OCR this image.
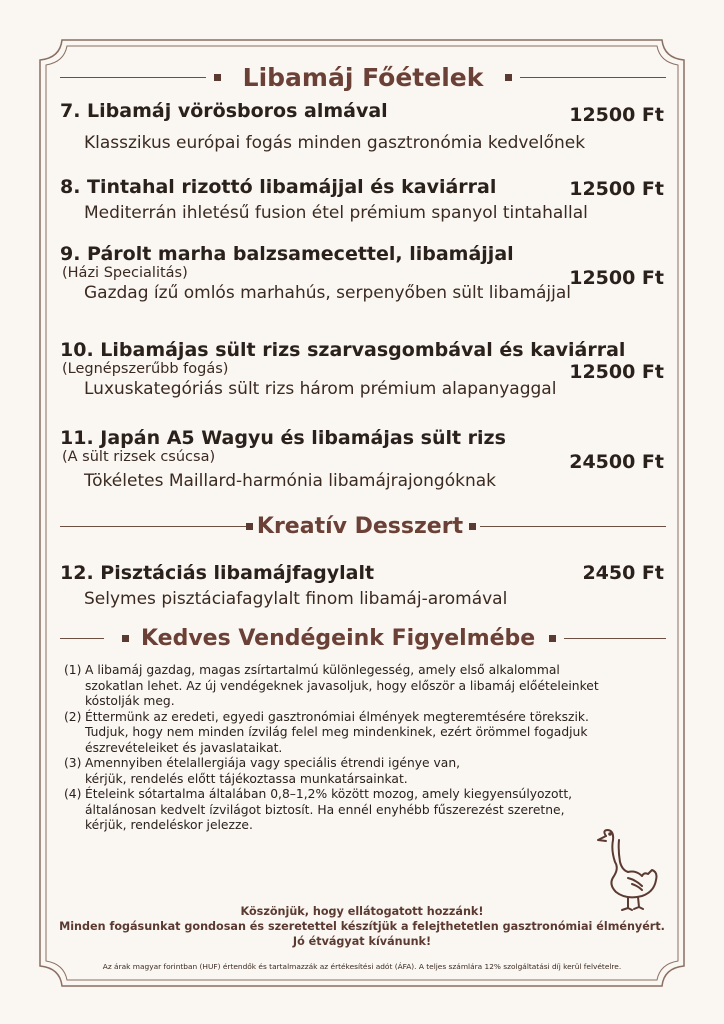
Libamáj Főételek
7. Libamáj vörösboros almával	12500 Ft
Klasszikus európai fogás minden gasztronómia kedvelőnek
8. Tintahal rizottó libamájjal és kaviárral	12500 Ft
Mediterrán ihletésű fusion étel prémium spanyol tintahallal
9. Párolt marha balzsamecettel, libamájjal
(Házi Specialitás)	12500 Ft
Gazdag ízű omlós marhahús, serpenyőben sült libamájjal
10. Libamájas sült rizs szarvasgombával és kaviárral
(Legnépszerűbb fogás)	12500 Ft
Luxuskategóriás sült rizs három prémium alapanyaggal
11. Japán A5 Wagyu és libamájas sült rizs
(A sült rizsek csúcsa)	24500 Ft
Tökéletes Maillard-harmónia libamájrajongóknak
Kreatív Desszert
12. Pisztáciás libamájfagylalt	2450 Ft
Selymes pisztáciafagylalt finom libamáj-aromával
Kedves Vendégeink Figyelmébe
(1) A libamáj gazdag, magas zsírtartalmú különlegesség, amely első alkalommal
szokatlan lehet. Az új vendégeknek javasoljuk, hogy először a libamáj előételeinket
kóstolják meg.
(2) Éttermünk az eredeti, egyedi gasztronómiai élmények megteremtésére törekszik.
Tudjuk, hogy nem minden ízvilág felel meg mindenkinek, ezért örömmel fogadjuk
észrevételeiket és javaslataikat.
(3) Amennyiben ételallergiája vagy speciális étrendi igénye van,
kérjük, rendelés előtt tájékoztassa munkatársainkat.
(4) Ételeink sótartalma általában 0,8–1,2% között mozog, amely kiegyensúlyozott,
általánosan kedvelt ízvilágot biztosít. Ha ennél enyhébb fűszerezést szeretne,
kérjük, rendeléskor jelezze.
Köszönjük, hogy ellátogatott hozzánk!
Minden fogásunkat gondosan és szeretettel készítjük a felejthetetlen gasztronómiai élményért.
Jó étvágyat kívánunk!
Az árak magyar forintban (HUF) értendők és tartalmazzák az értékesítési adót (ÁFA). A teljes számlára 12% szolgáltatási díj kerül felvételre.
